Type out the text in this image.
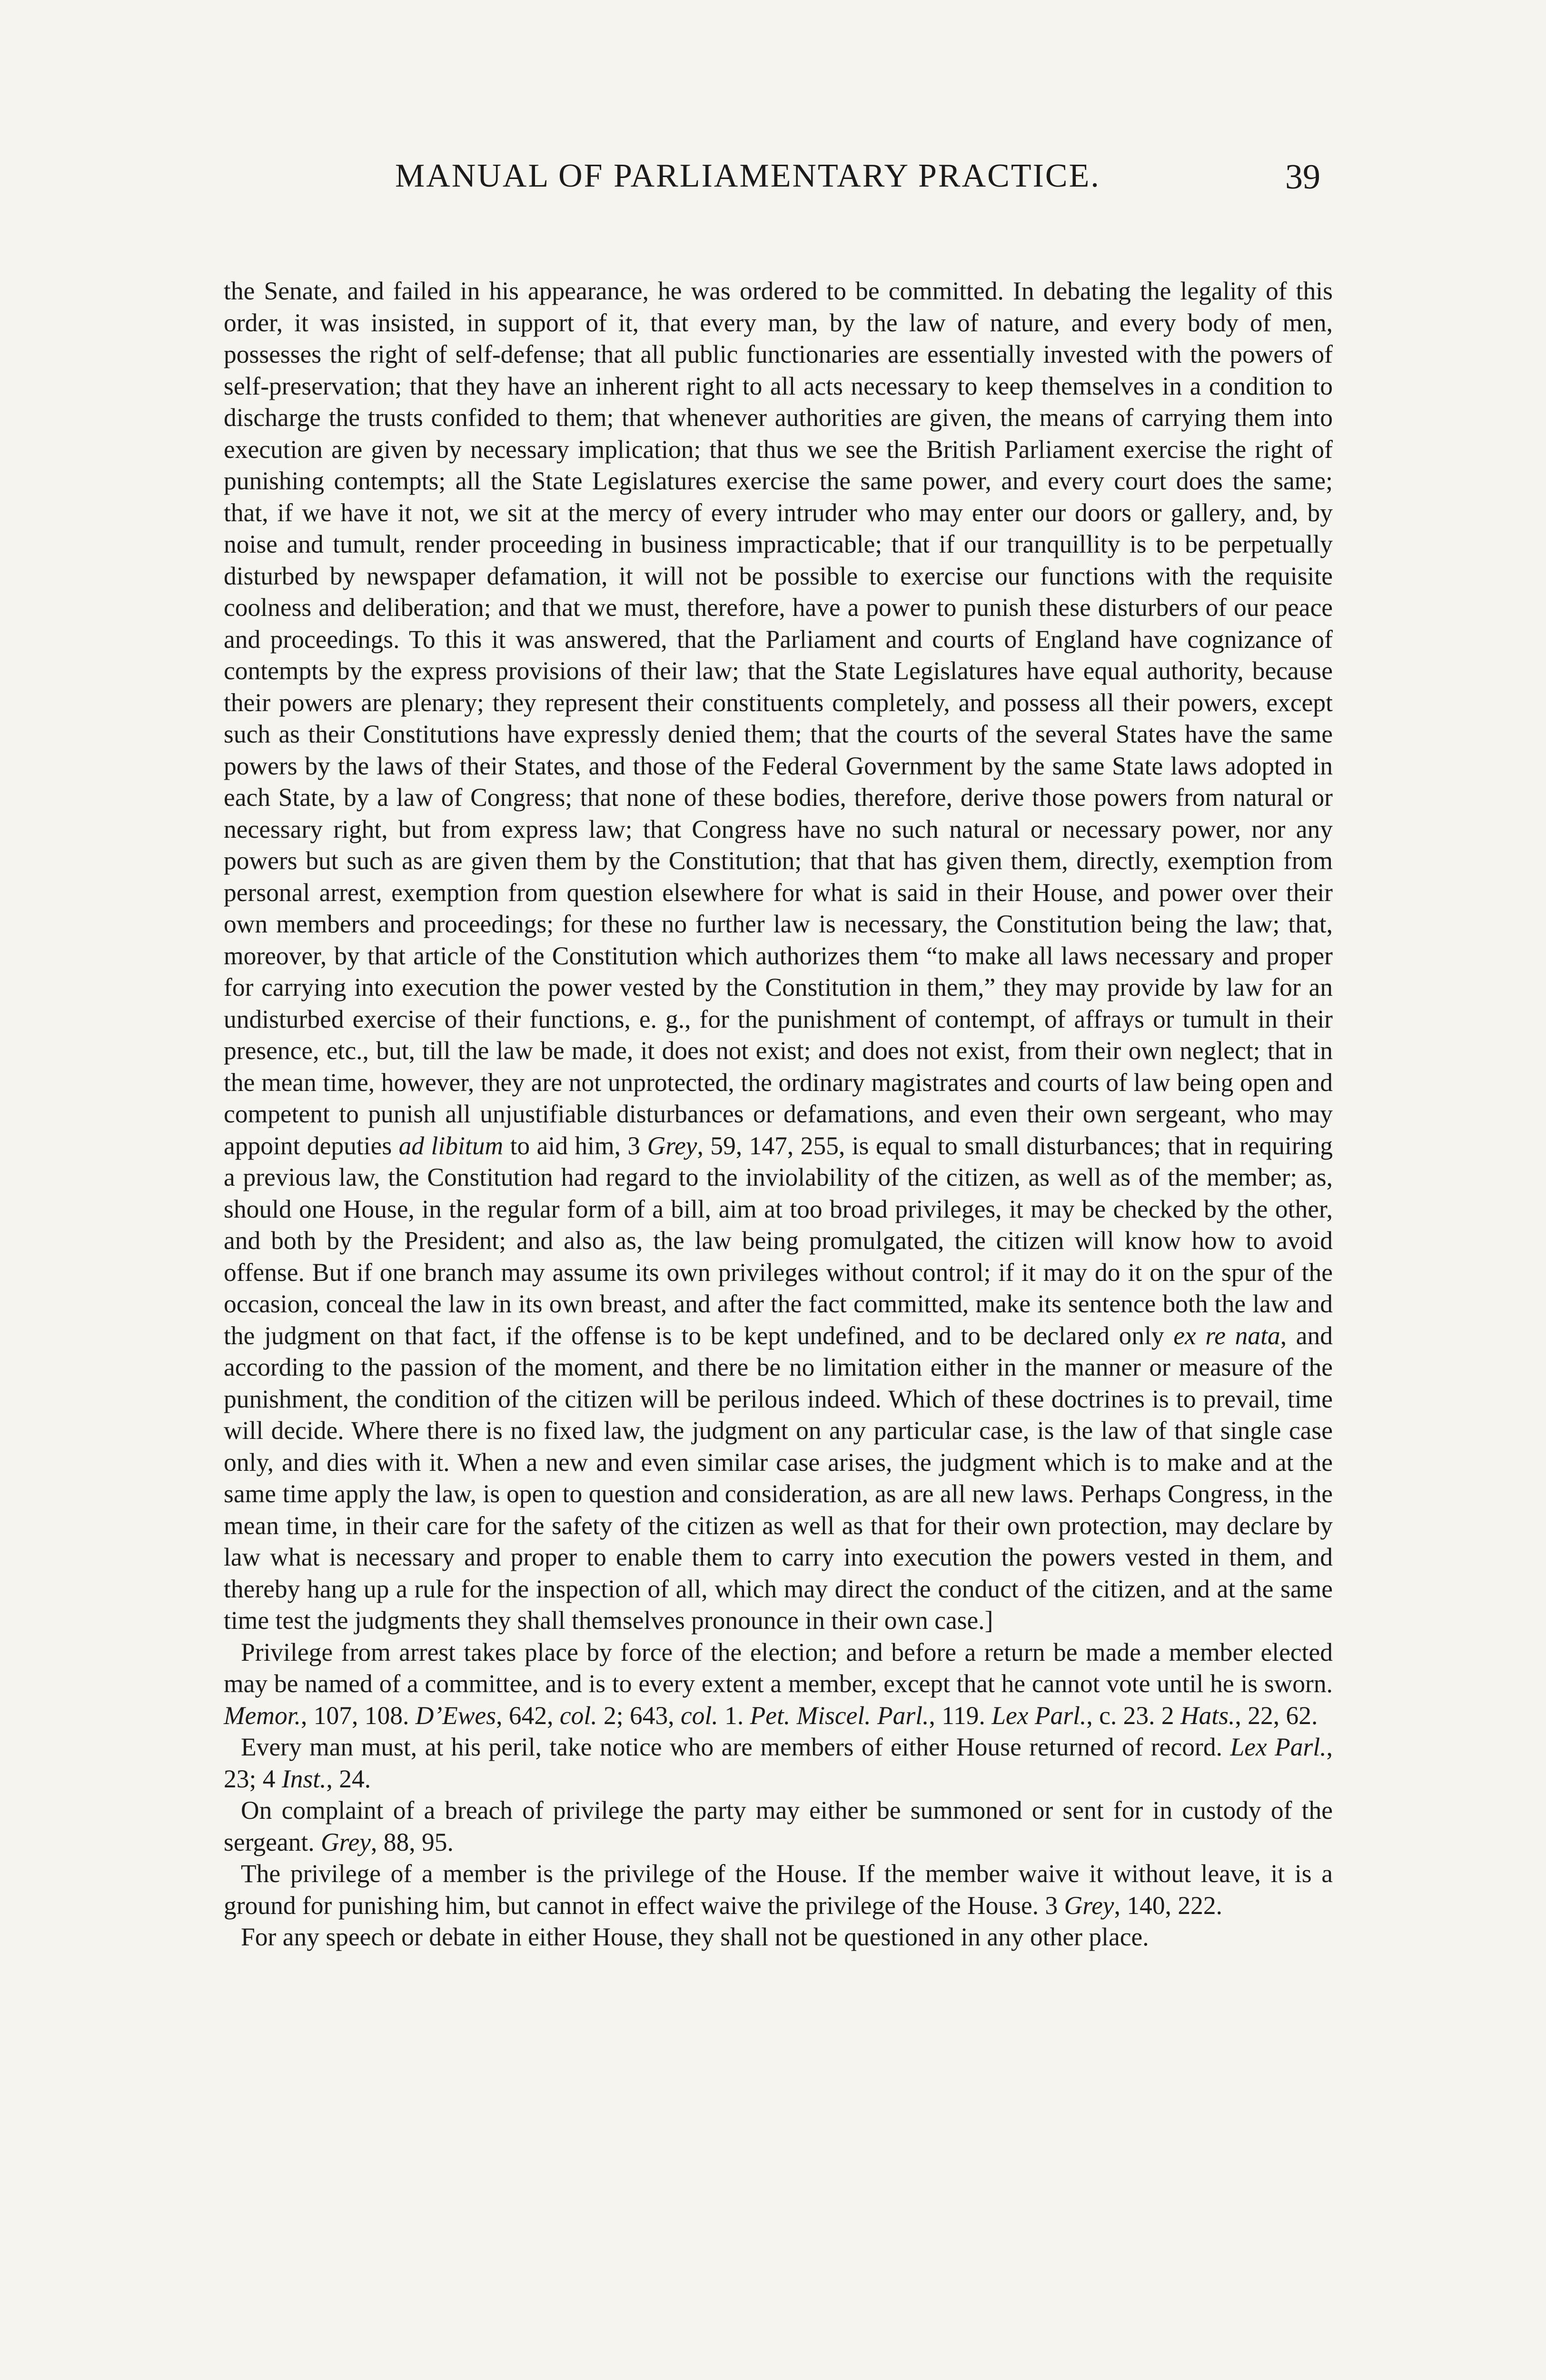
MANUAL OF PARLIAMENTARY PRACTICE.	39

the Senate, and failed in his appearance, he was ordered to be committed. In debating the legality of this order, it was insisted, in support of it, that every man, by the law of nature, and every body of men, possesses the right of self-defense; that all public functionaries are essentially invested with the powers of self-preservation; that they have an inherent right to all acts necessary to keep themselves in a condition to discharge the trusts confided to them; that whenever authorities are given, the means of carrying them into execution are given by necessary implication; that thus we see the British Parliament exercise the right of punishing contempts; all the State Legislatures exercise the same power, and every court does the same; that, if we have it not, we sit at the mercy of every intruder who may enter our doors or gallery, and, by noise and tumult, render proceeding in business impracticable; that if our tranquillity is to be perpetually disturbed by newspaper defamation, it will not be possible to exercise our functions with the requisite coolness and deliberation; and that we must, therefore, have a power to punish these disturbers of our peace and proceedings. To this it was answered, that the Parliament and courts of England have cognizance of contempts by the express provisions of their law; that the State Legislatures have equal authority, because their powers are plenary; they represent their constituents completely, and possess all their powers, except such as their Constitutions have expressly denied them; that the courts of the several States have the same powers by the laws of their States, and those of the Federal Government by the same State laws adopted in each State, by a law of Congress; that none of these bodies, therefore, derive those powers from natural or necessary right, but from express law; that Congress have no such natural or necessary power, nor any powers but such as are given them by the Constitution; that that has given them, directly, exemption from personal arrest, exemption from question elsewhere for what is said in their House, and power over their own members and proceedings; for these no further law is necessary, the Constitution being the law; that, moreover, by that article of the Constitution which authorizes them “to make all laws necessary and proper for carrying into execution the power vested by the Constitution in them,” they may provide by law for an undisturbed exercise of their functions, e. g., for the punishment of contempt, of affrays or tumult in their presence, etc., but, till the law be made, it does not exist; and does not exist, from their own neglect; that in the mean time, however, they are not unprotected, the ordinary magistrates and courts of law being open and competent to punish all unjustifiable disturbances or defamations, and even their own sergeant, who may appoint deputies ad libitum to aid him, 3 Grey, 59, 147, 255, is equal to small disturbances; that in requiring a previous law, the Constitution had regard to the inviolability of the citizen, as well as of the member; as, should one House, in the regular form of a bill, aim at too broad privileges, it may be checked by the other, and both by the President; and also as, the law being promulgated, the citizen will know how to avoid offense. But if one branch may assume its own privileges without control; if it may do it on the spur of the occasion, conceal the law in its own breast, and after the fact committed, make its sentence both the law and the judgment on that fact, if the offense is to be kept undefined, and to be declared only ex re nata, and according to the passion of the moment, and there be no limitation either in the manner or measure of the punishment, the condition of the citizen will be perilous indeed. Which of these doctrines is to prevail, time will decide. Where there is no fixed law, the judgment on any particular case, is the law of that single case only, and dies with it. When a new and even similar case arises, the judgment which is to make and at the same time apply the law, is open to question and consideration, as are all new laws. Perhaps Congress, in the mean time, in their care for the safety of the citizen as well as that for their own protection, may declare by law what is necessary and proper to enable them to carry into execution the powers vested in them, and thereby hang up a rule for the inspection of all, which may direct the conduct of the citizen, and at the same time test the judgments they shall themselves pronounce in their own case.]

Privilege from arrest takes place by force of the election; and before a return be made a member elected may be named of a committee, and is to every extent a member, except that he cannot vote until he is sworn. Memor., 107, 108. D’Ewes, 642, col. 2; 643, col. 1. Pet. Miscel. Parl., 119. Lex Parl., c. 23. 2 Hats., 22, 62.

Every man must, at his peril, take notice who are members of either House returned of record. Lex Parl., 23; 4 Inst., 24.

On complaint of a breach of privilege the party may either be summoned or sent for in custody of the sergeant. Grey, 88, 95.

The privilege of a member is the privilege of the House. If the member waive it without leave, it is a ground for punishing him, but cannot in effect waive the privilege of the House. 3 Grey, 140, 222.

For any speech or debate in either House, they shall not be questioned in any other place.
